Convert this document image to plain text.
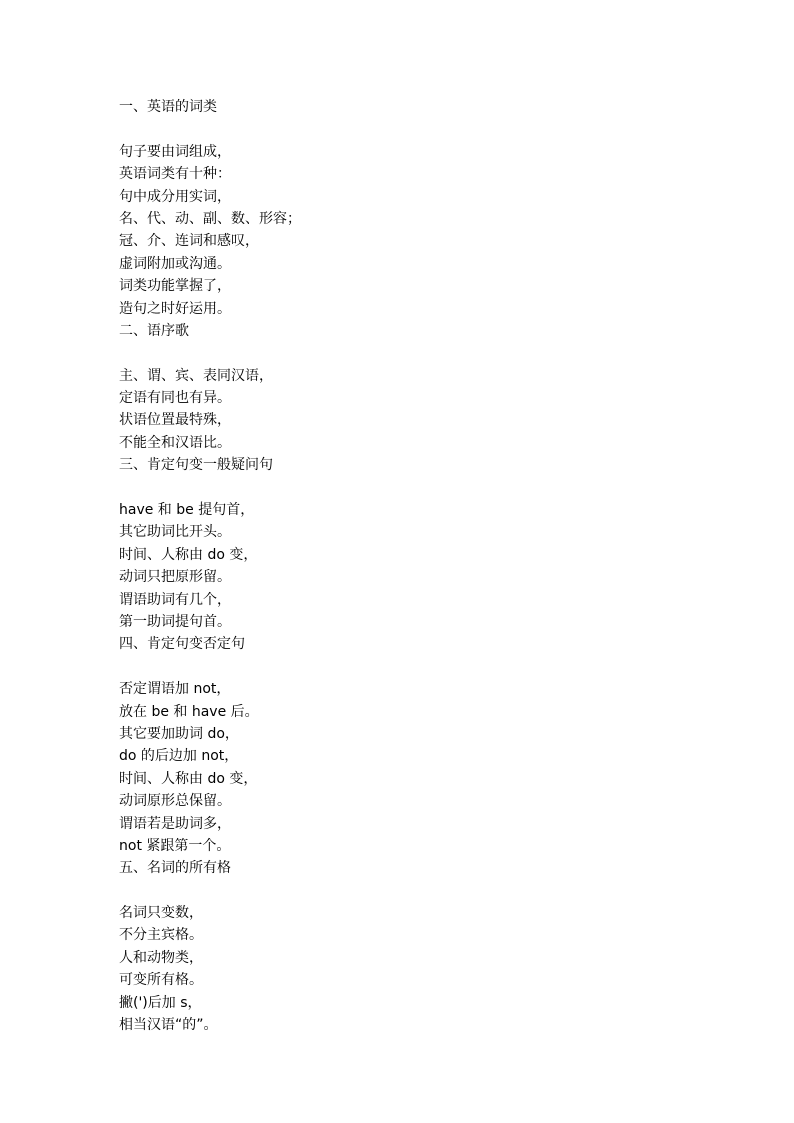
一、英语的词类
句子要由词组成，
英语词类有十种：
句中成分用实词，
名、代、动、副、数、形容；
冠、介、连词和感叹，
虚词附加或沟通。
词类功能掌握了，
造句之时好运用。
二、语序歌
主、谓、宾、表同汉语，
定语有同也有异。
状语位置最特殊，
不能全和汉语比。
三、肯定句变一般疑问句
have 和 be 提句首，
其它助词比开头。
时间、人称由 do 变，
动词只把原形留。
谓语助词有几个，
第一助词提句首。
四、肯定句变否定句
否定谓语加 not，
放在 be 和 have 后。
其它要加助词 do，
do 的后边加 not，
时间、人称由 do 变，
动词原形总保留。
谓语若是助词多，
not 紧跟第一个。
五、名词的所有格
名词只变数，
不分主宾格。
人和动物类，
可变所有格。
撇(')后加 s，
相当汉语“的”。
